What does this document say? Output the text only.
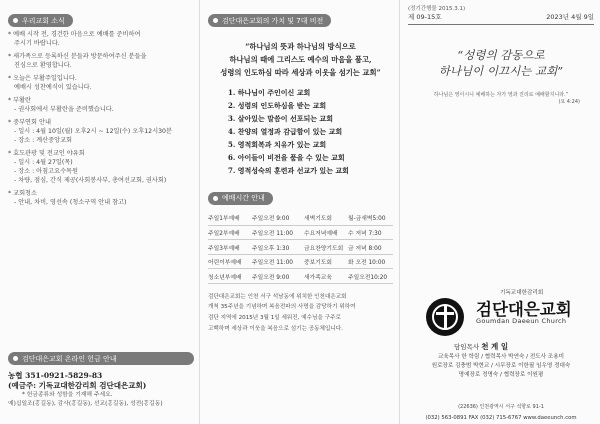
우리교회 소식

* 예배 시작 전, 경건한 마음으로 예배를 준비하여

주시기 바랍니다.

* 새가족으로 등록하신 분들과 방문하여주신 분들을

진심으로 환영합니다.

* 오늘은 부활주일입니다.

예배시 성찬예식이 있습니다.

* 부활란

- 권사회에서 부활란을 준비했습니다.

* 중부연회 안내

- 일시 : 4월 10일(월) 오후2시 ~ 12일(수) 오후12시30분

- 장소 : 계산중앙교회

* 효도관광 및 전교인 야유회

- 일시 : 4월 27일(목)

- 장소 : 아침고요수목원

- 차량, 점심, 간식 제공(사회봉사부, 총여선교회, 권사회)

* 교회청소

- 안내, 차비, 영선속 (청소구역 안내 참고)

검단대은교회 온라인 헌금 안내
농협 351-0921-5829-83
(예금주: 기독교대한감리회 검단대은교회)
* 헌금종류와 성함을 기재해 주세요.
예)십일조(홍길동), 감사(홍길동), 선교(홍길동), 성전(홍길동)
검단대은교회의 가치 및 7대 비전
“하나님의 뜻과 하나님의 방식으로
하나님의 때에 그리스도 예수의 마음을 품고,
성령의 인도하심 따라 세상과 이웃을 섬기는 교회”
1. 하나님이 주인이신 교회
2. 성령의 인도하심을 받는 교회
3. 살아있는 말씀이 선포되는 교회
4. 찬양의 열정과 감급함이 있는 교회
5. 영적회복과 치유가 있는 교회
6. 아이들이 비전을 품을 수 있는 교회
7. 영적성숙의 훈련과 선교가 있는 교회
예배시간 안내
주일1부예배	주일오전 9:00	새벽기도회	월-금새벽5:00
주일2부예배	주일오전 11:00	수요저녁예배	수 저녁 7:30
주일3부예배	주일오후 1:30	금요찬양기도회	금 저녁 8:00
어린이부예배	주일오전 11:00	중보기도회	화 오전 10:00
청소년부예배	주일오전 9:00	새가족교육	주일오전10:20
검단대은교회는 인천 서구 석남동에 위치한 인천대은교회
개척 35주년을 기념하며 복음전파의 사명을 감당하기 위하여
검단 지역에 2015년 3월 1일 세워진, 예수님을 구주로
고백하며 세상과 이웃을 복음으로 섬기는 공동체입니다.
(정기간행물 2015.3.1)
제 09-15호	2023년 4월 9일
“성령의 감동으로
하나님이 이끄시는 교회”
하나님은 영이시니 예배하는 자가 영과 진리로 예배할지니라.”
(요 4:24)
기독교대한감리회
검단대은교회
Goumdan Daeeun Church
담임목사 천 계 일
교육목사 한 학림 / 협력목사 박연숙 / 전도사 조용미
원로장로 김충범 박현교 / 시무장로 이한필 임우영 정대숙
명예장로 정명숙 / 협력장로 이원평
(22636) 인천광역시 서구 석향로 91-1
(032) 563-0891 FAX (032) 715-6767 www.daeeunch.com
